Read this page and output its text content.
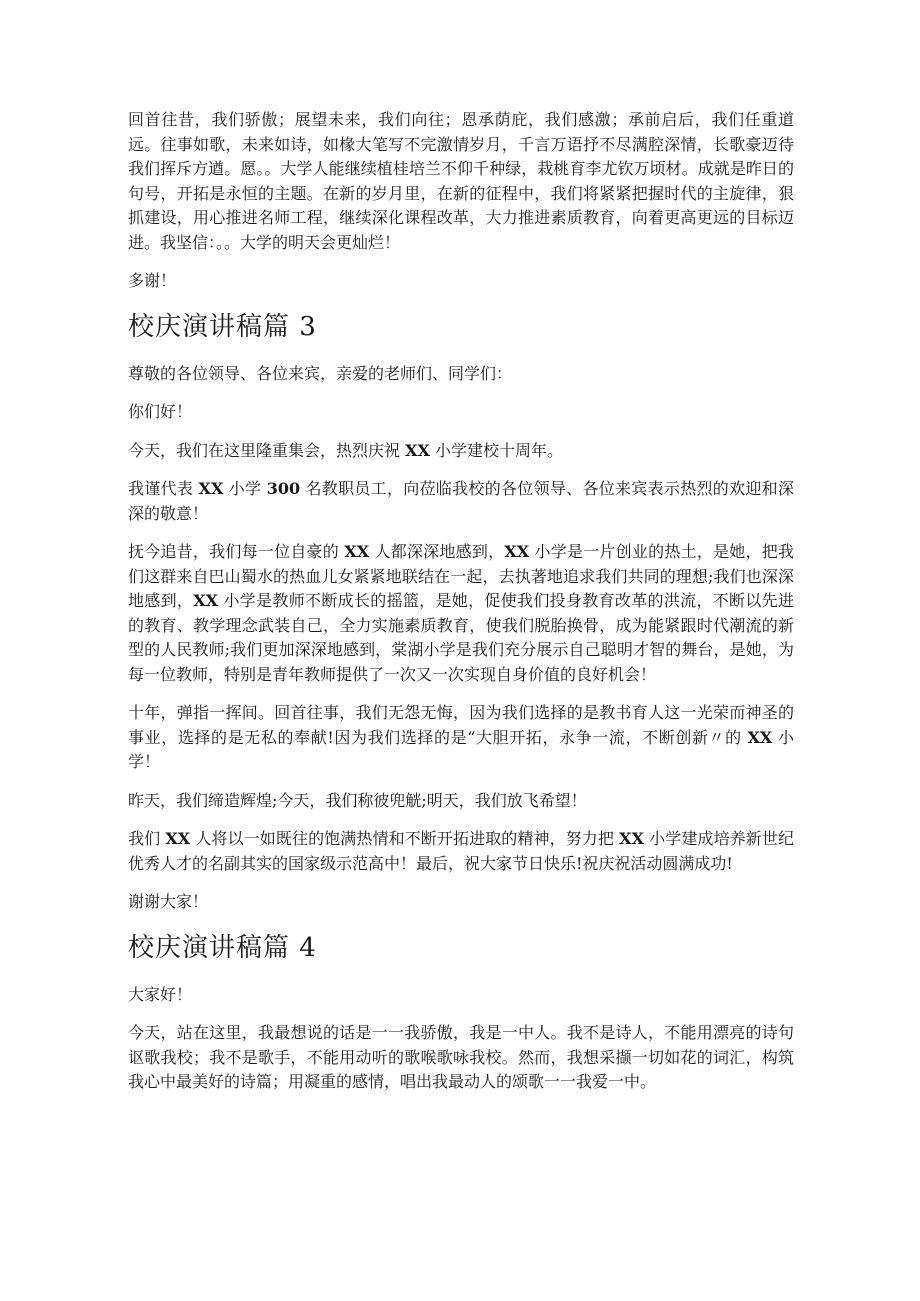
回首往昔，我们骄傲；展望未来，我们向往；恩承荫庇，我们感激；承前启后，我们任重道远。往事如歌，未来如诗，如椽大笔写不完激情岁月，千言万语抒不尽满腔深情，长歌豪迈待我们挥斥方遒。愿。。大学人能继续植桂培兰不仰千种绿，栽桃育李尤钦万顷材。成就是昨日的句号，开拓是永恒的主题。在新的岁月里，在新的征程中，我们将紧紧把握时代的主旋律，狠抓建设，用心推进名师工程，继续深化课程改革，大力推进素质教育，向着更高更远的目标迈进。我坚信：。。大学的明天会更灿烂！

多谢！

校庆演讲稿篇 3

尊敬的各位领导、各位来宾，亲爱的老师们、同学们：

你们好！

今天，我们在这里隆重集会，热烈庆祝 XX 小学建校十周年。

我谨代表 XX 小学 300 名教职员工，向莅临我校的各位领导、各位来宾表示热烈的欢迎和深深的敬意！

抚今追昔，我们每一位自豪的 XX 人都深深地感到，XX 小学是一片创业的热土，是她，把我们这群来自巴山蜀水的热血儿女紧紧地联结在一起，去执著地追求我们共同的理想;我们也深深地感到，XX 小学是教师不断成长的摇篮，是她，促使我们投身教育改革的洪流，不断以先进的教育、教学理念武装自己，全力实施素质教育，使我们脱胎换骨，成为能紧跟时代潮流的新型的人民教师;我们更加深深地感到，棠湖小学是我们充分展示自己聪明才智的舞台，是她，为每一位教师，特别是青年教师提供了一次又一次实现自身价值的良好机会！

十年，弹指一挥间。回首往事，我们无怨无悔，因为我们选择的是教书育人这一光荣而神圣的事业，选择的是无私的奉献!因为我们选择的是“大胆开拓，永争一流，不断创新〃的 XX 小学！

昨天，我们缔造辉煌;今天，我们称彼兜觥;明天，我们放飞希望！

我们 XX 人将以一如既往的饱满热情和不断开拓进取的精神，努力把 XX 小学建成培养新世纪优秀人才的名副其实的国家级示范高中！最后，祝大家节日快乐!祝庆祝活动圆满成功!

谢谢大家！

校庆演讲稿篇 4

大家好！

今天，站在这里，我最想说的话是一一我骄傲，我是一中人。我不是诗人，不能用漂亮的诗句讴歌我校；我不是歌手，不能用动听的歌喉歌咏我校。然而，我想采撷一切如花的词汇，构筑我心中最美好的诗篇；用凝重的感情，唱出我最动人的颂歌一一我爱一中。
